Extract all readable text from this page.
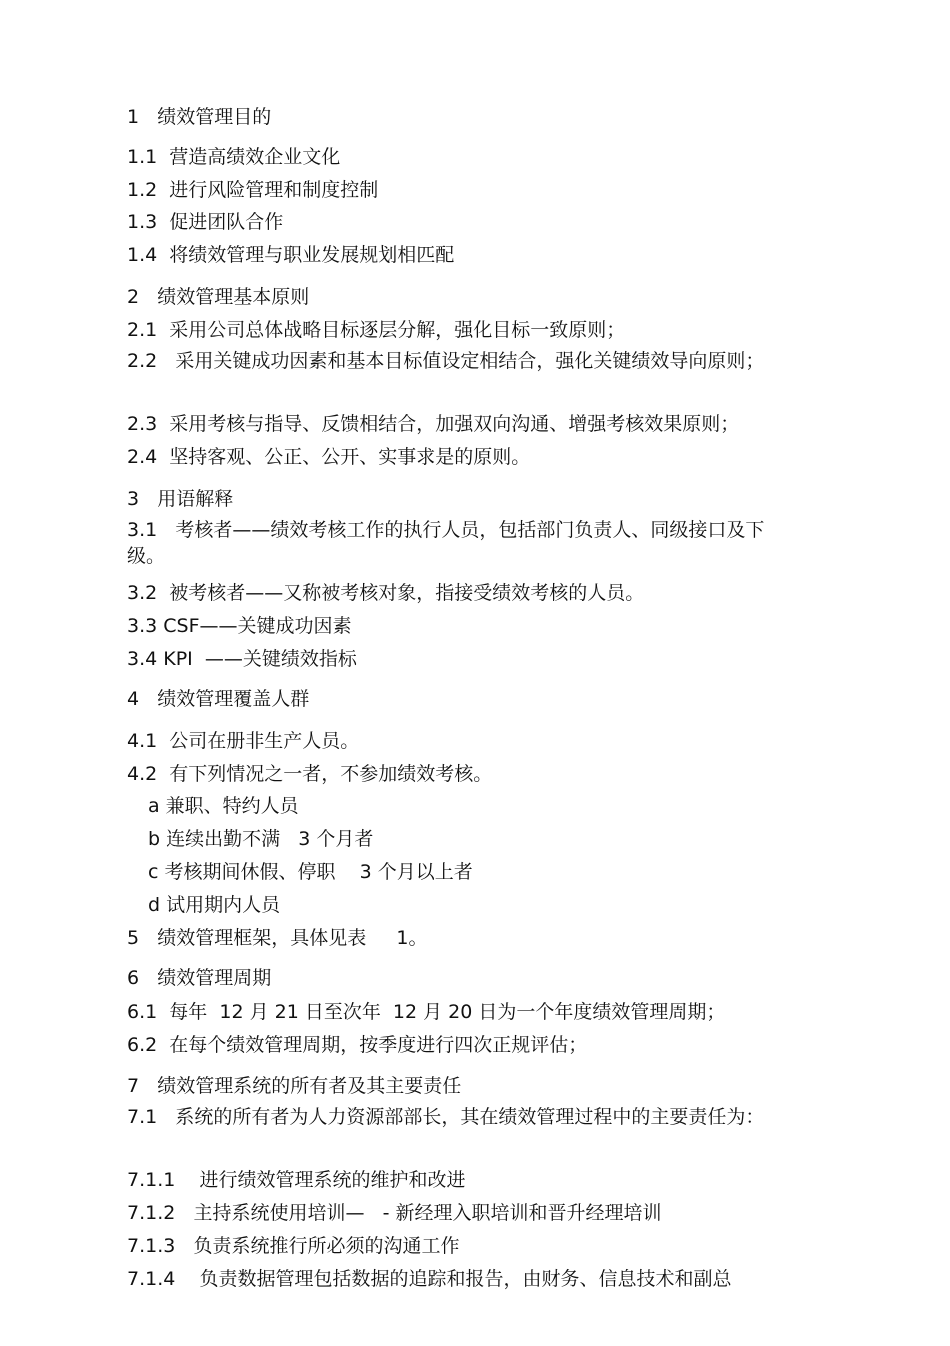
1   绩效管理目的
1.1  营造高绩效企业文化
1.2  进行风险管理和制度控制
1.3  促进团队合作
1.4  将绩效管理与职业发展规划相匹配
2   绩效管理基本原则
2.1  采用公司总体战略目标逐层分解，强化目标一致原则；
2.2   采用关键成功因素和基本目标值设定相结合，强化关键绩效导向原则；
2.3  采用考核与指导、反馈相结合，加强双向沟通、增强考核效果原则；
2.4  坚持客观、公正、公开、实事求是的原则。
3   用语解释
3.1   考核者——绩效考核工作的执行人员，包括部门负责人、同级接口及下级。
3.2  被考核者——又称被考核对象，指接受绩效考核的人员。
3.3 CSF——关键成功因素
3.4 KPI  ——关键绩效指标
4   绩效管理覆盖人群
4.1  公司在册非生产人员。
4.2  有下列情况之一者，不参加绩效考核。
a 兼职、特约人员
b 连续出勤不满   3 个月者
c 考核期间休假、停职    3 个月以上者
d 试用期内人员
5   绩效管理框架，具体见表     1。
6   绩效管理周期
6.1  每年  12 月 21 日至次年  12 月 20 日为一个年度绩效管理周期；
6.2  在每个绩效管理周期，按季度进行四次正规评估；
7   绩效管理系统的所有者及其主要责任
7.1   系统的所有者为人力资源部部长，其在绩效管理过程中的主要责任为：
7.1.1    进行绩效管理系统的维护和改进
7.1.2   主持系统使用培训—   - 新经理入职培训和晋升经理培训
7.1.3   负责系统推行所必须的沟通工作
7.1.4    负责数据管理包括数据的追踪和报告，由财务、信息技术和副总
